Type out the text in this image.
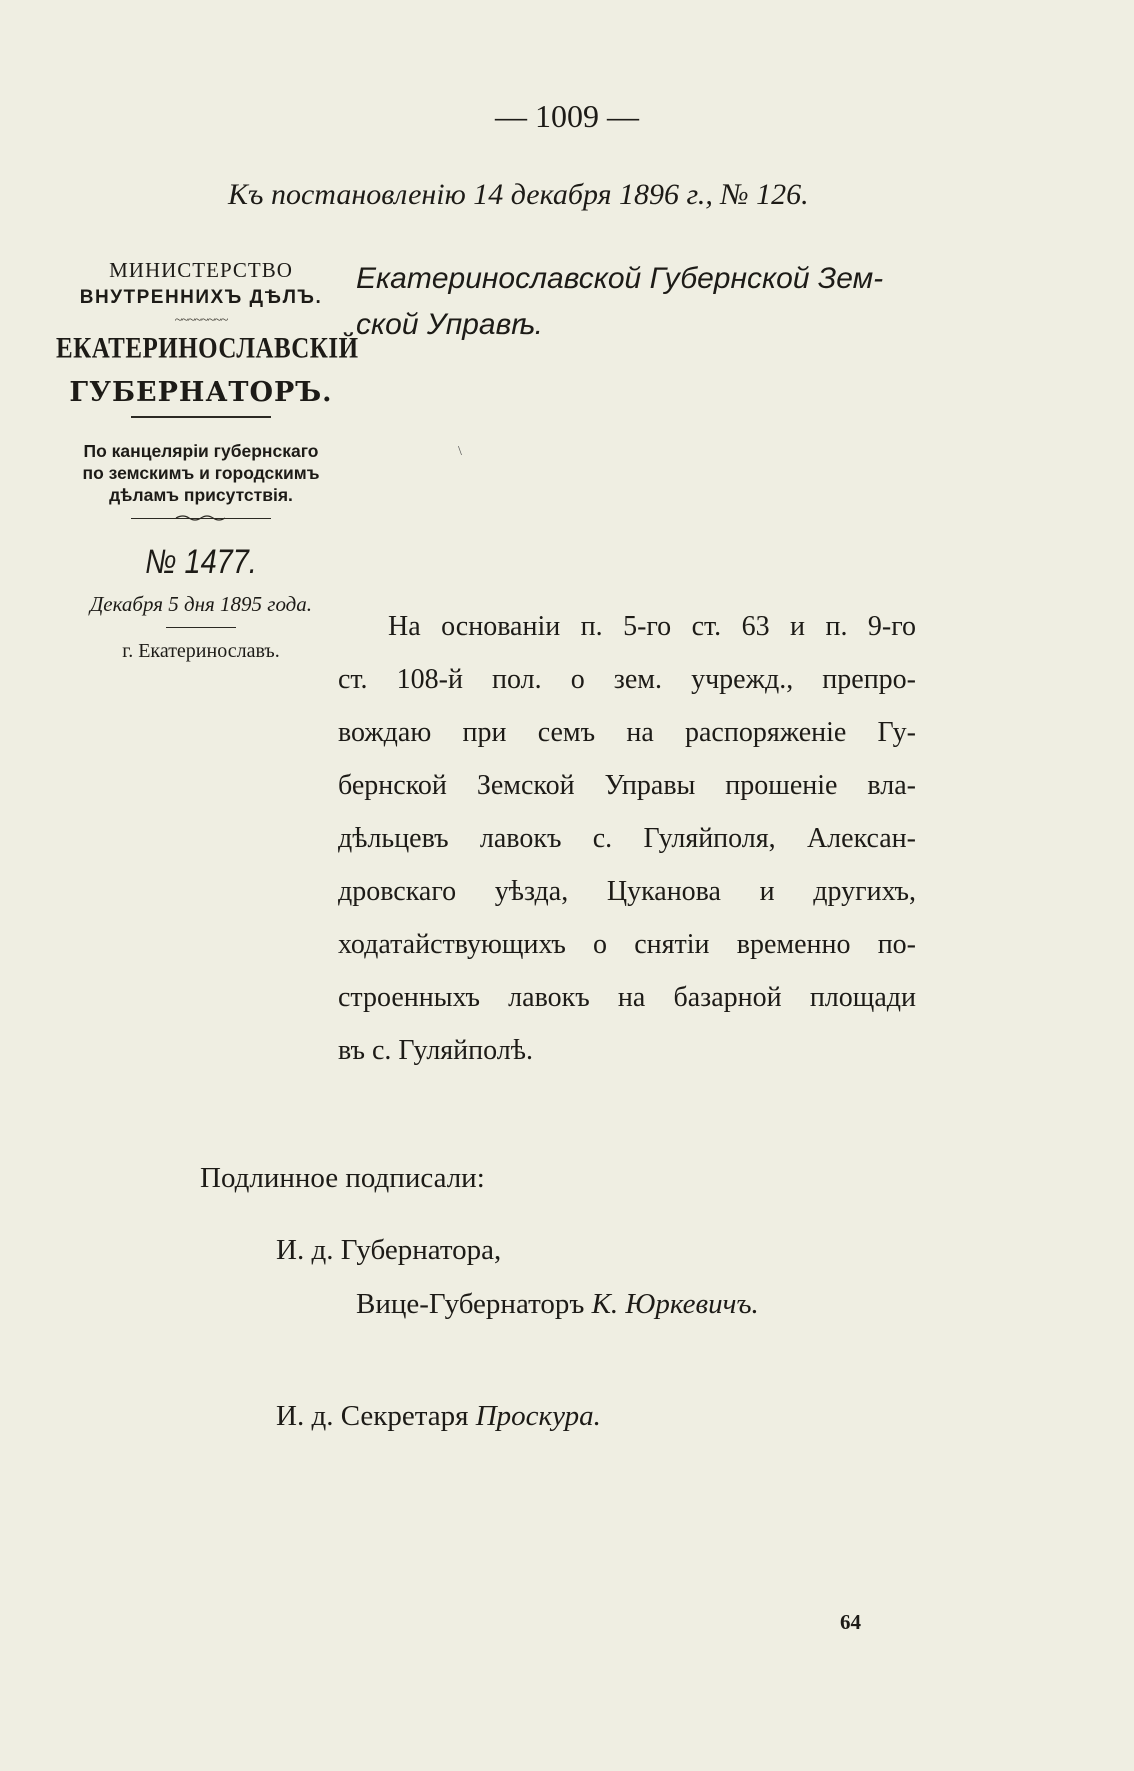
— 1009 —
Къ постановленію 14 декабря 1896 г., № 126.
МИНИСТЕРСТВО
ВНУТРЕННИХЪ ДѢЛЪ.
~~~~~~~~
ЕКАТЕРИНОСЛАВСКІЙ
ГУБЕРНАТОРЪ.
По канцеляріи губернскаго
по земскимъ и городскимъ
дѣламъ присутствія.
№ 1477.
Декабря 5 дня 1895 года.
г. Екатеринославъ.
Екатеринославской Губернской Зем-
ской Управѣ.
\
На основаніи п. 5-го ст. 63 и п. 9-го
ст. 108-й пол. о зем. учрежд., препро-
вождаю при семъ на распоряженіе Гу-
бернской Земской Управы прошеніе вла-
дѣльцевъ лавокъ с. Гуляйполя, Алексан-
дровскаго уѣзда, Цуканова и другихъ,
ходатайствующихъ о снятіи временно по-
строенныхъ лавокъ на базарной площади
въ с. Гуляйполѣ.
Подлинное подписали:
И. д. Губернатора,
Вице-Губернаторъ К. Юркевичъ.
И. д. Секретаря Проскура.
64
